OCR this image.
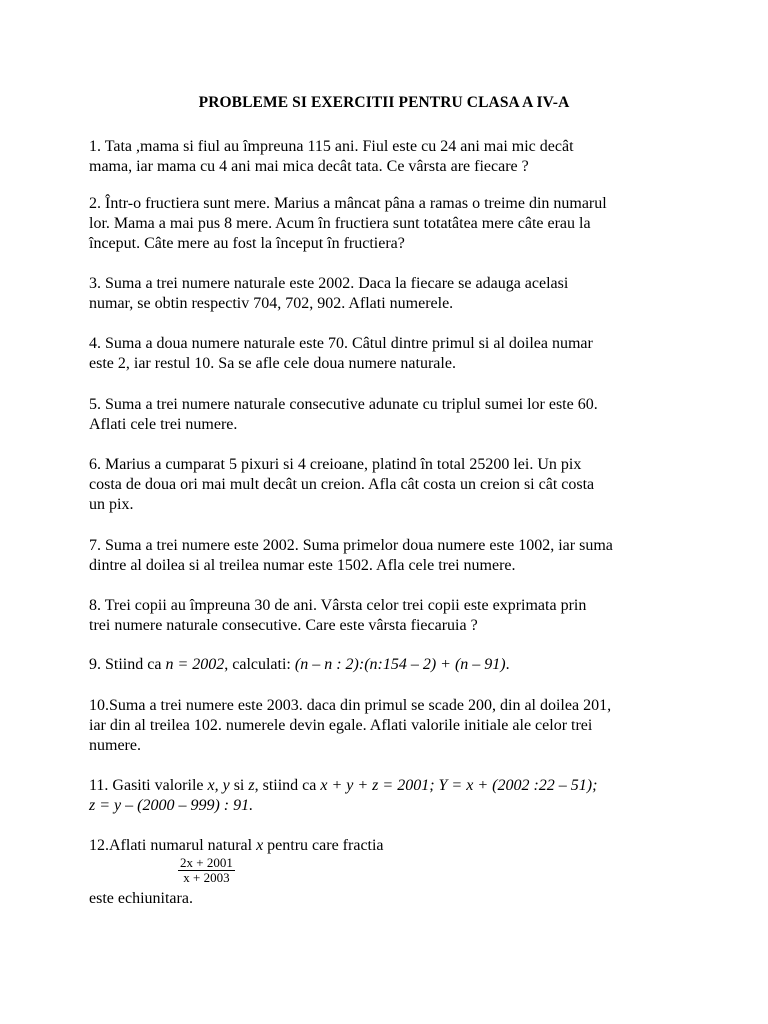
PROBLEME SI EXERCITII PENTRU CLASA A IV-A
1. Tata ,mama si fiul au împreuna 115 ani. Fiul este cu 24 ani mai mic decât
mama, iar mama cu 4 ani mai mica decât tata. Ce vârsta are fiecare ?
2. Într-o fructiera sunt mere. Marius a mâncat pâna a ramas o treime din numarul
lor. Mama a mai pus 8 mere. Acum în fructiera sunt totatâtea mere câte erau la
început. Câte mere au fost la început în fructiera?
3. Suma a trei numere naturale este 2002. Daca la fiecare se adauga acelasi
numar, se obtin respectiv 704, 702, 902. Aflati numerele.
4. Suma a doua numere naturale este 70. Câtul dintre primul si al doilea numar
este 2, iar restul 10. Sa se afle cele doua numere naturale.
5. Suma a trei numere naturale consecutive adunate cu triplul sumei lor este 60.
Aflati cele trei numere.
6. Marius a cumparat 5 pixuri si 4 creioane, platind în total 25200 lei. Un pix
costa de doua ori mai mult decât un creion. Afla cât costa un creion si cât costa
un pix.
7. Suma a trei numere este 2002. Suma primelor doua numere este 1002, iar suma
dintre al doilea si al treilea numar este 1502. Afla cele trei numere.
8. Trei copii au împreuna 30 de ani. Vârsta celor trei copii este exprimata prin
trei numere naturale consecutive. Care este vârsta fiecaruia ?
9. Stiind ca n = 2002, calculati: (n – n : 2):(n:154 – 2) + (n – 91).
10.Suma a trei numere este 2003. daca din primul se scade 200, din al doilea 201,
iar din al treilea 102. numerele devin egale. Aflati valorile initiale ale celor trei
numere.
11. Gasiti valorile x, y si z, stiind ca x + y + z = 2001; Y = x + (2002 :22 – 51);
z = y – (2000 – 999) : 91.
12.Aflati numarul natural x pentru care fractia
$\frac{2x + 2001}{x + 2003}$
este echiunitara.
